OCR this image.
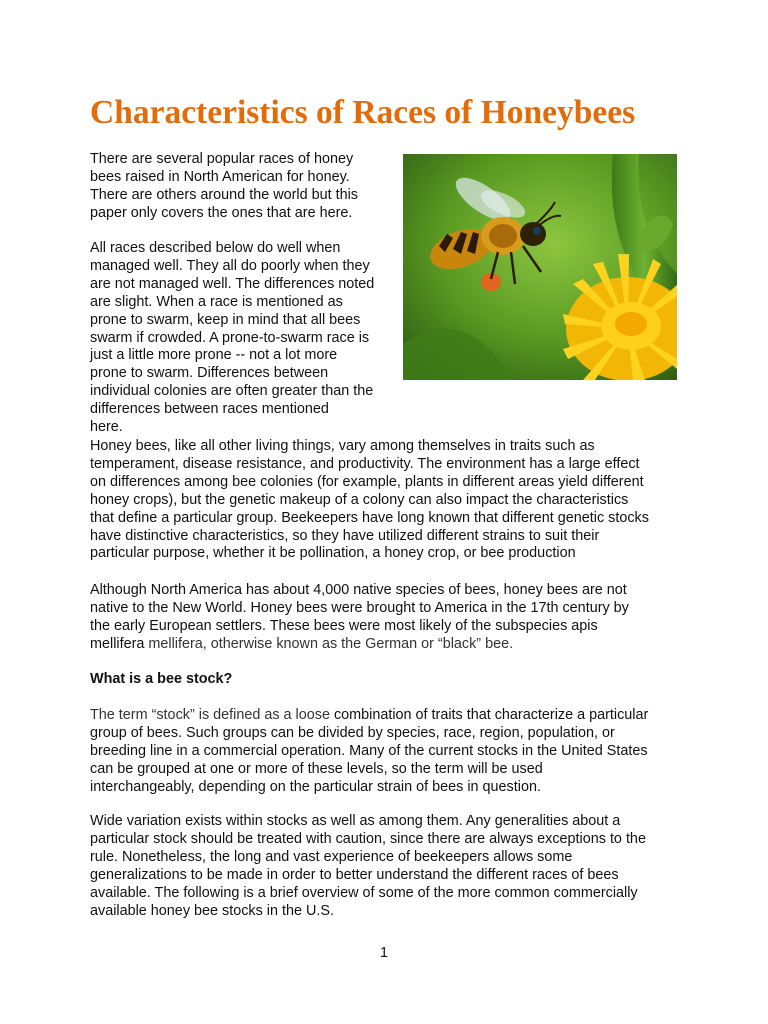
Characteristics of Races of Honeybees

There are several popular races of honey
bees raised in North American for honey.
There are others around the world but this
paper only covers the ones that are here.

All races described below do well when
managed well. They all do poorly when they
are not managed well. The differences noted
are slight. When a race is mentioned as
prone to swarm, keep in mind that all bees
swarm if crowded. A prone-to-swarm race is
just a little more prone -- not a lot more
prone to swarm. Differences between
individual colonies are often greater than the differences between races mentioned
here.

Honey bees, like all other living things, vary among themselves in traits such as
temperament, disease resistance, and productivity. The environment has a large effect
on differences among bee colonies (for example, plants in different areas yield different
honey crops), but the genetic makeup of a colony can also impact the characteristics
that define a particular group. Beekeepers have long known that different genetic stocks
have distinctive characteristics, so they have utilized different strains to suit their
particular purpose, whether it be pollination, a honey crop, or bee production

Although North America has about 4,000 native species of bees, honey bees are not
native to the New World. Honey bees were brought to America in the 17th century by
the early European settlers. These bees were most likely of the subspecies apis
mellifera mellifera, otherwise known as the German or “black” bee.

What is a bee stock?

The term “stock” is defined as a loose combination of traits that characterize a particular
group of bees. Such groups can be divided by species, race, region, population, or
breeding line in a commercial operation. Many of the current stocks in the United States
can be grouped at one or more of these levels, so the term will be used
interchangeably, depending on the particular strain of bees in question.

Wide variation exists within stocks as well as among them. Any generalities about a
particular stock should be treated with caution, since there are always exceptions to the
rule. Nonetheless, the long and vast experience of beekeepers allows some
generalizations to be made in order to better understand the different races of bees
available. The following is a brief overview of some of the more common commercially
available honey bee stocks in the U.S.

1
